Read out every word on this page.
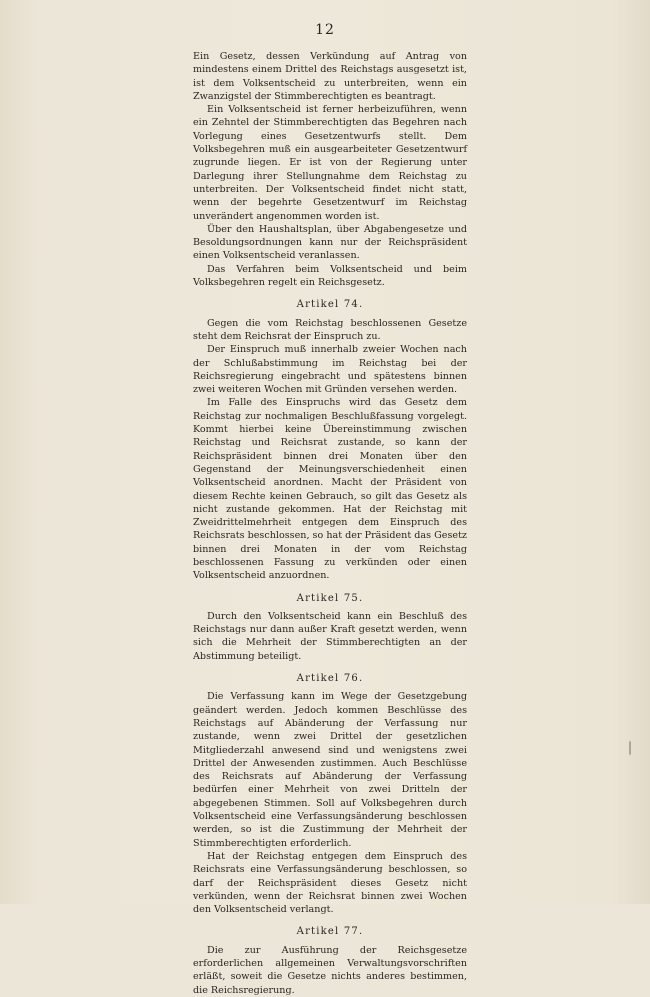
12

Ein Gesetz, dessen Verkündung auf Antrag von mindestens einem Drittel des Reichstags ausgesetzt ist, ist dem Volksentscheid zu unterbreiten, wenn ein Zwanzigstel der Stimmberechtigten es beantragt.

Ein Volksentscheid ist ferner herbeizuführen, wenn ein Zehntel der Stimmberechtigten das Begehren nach Vorlegung eines Gesetzentwurfs stellt. Dem Volksbegehren muß ein ausgearbeiteter Gesetzentwurf zugrunde liegen. Er ist von der Regierung unter Darlegung ihrer Stellungnahme dem Reichstag zu unterbreiten. Der Volksentscheid findet nicht statt, wenn der begehrte Gesetzentwurf im Reichstag unverändert angenommen worden ist.

Über den Haushaltsplan, über Abgabengesetze und Besoldungsordnungen kann nur der Reichspräsident einen Volksentscheid veranlassen.

Das Verfahren beim Volksentscheid und beim Volksbegehren regelt ein Reichsgesetz.

Artikel 74.

Gegen die vom Reichstag beschlossenen Gesetze steht dem Reichsrat der Einspruch zu.

Der Einspruch muß innerhalb zweier Wochen nach der Schlußabstimmung im Reichstag bei der Reichsregierung eingebracht und spätestens binnen zwei weiteren Wochen mit Gründen versehen werden.

Im Falle des Einspruchs wird das Gesetz dem Reichstag zur nochmaligen Beschlußfassung vorgelegt. Kommt hierbei keine Übereinstimmung zwischen Reichstag und Reichsrat zustande, so kann der Reichspräsident binnen drei Monaten über den Gegenstand der Meinungsverschiedenheit einen Volksentscheid anordnen. Macht der Präsident von diesem Rechte keinen Gebrauch, so gilt das Gesetz als nicht zustande gekommen. Hat der Reichstag mit Zweidrittelmehrheit entgegen dem Einspruch des Reichsrats beschlossen, so hat der Präsident das Gesetz binnen drei Monaten in der vom Reichstag beschlossenen Fassung zu verkünden oder einen Volksentscheid anzuordnen.

Artikel 75.

Durch den Volksentscheid kann ein Beschluß des Reichstags nur dann außer Kraft gesetzt werden, wenn sich die Mehrheit der Stimmberechtigten an der Abstimmung beteiligt.

Artikel 76.

Die Verfassung kann im Wege der Gesetzgebung geändert werden. Jedoch kommen Beschlüsse des Reichstags auf Abänderung der Verfassung nur zustande, wenn zwei Drittel der gesetzlichen Mitgliederzahl anwesend sind und wenigstens zwei Drittel der Anwesenden zustimmen. Auch Beschlüsse des Reichsrats auf Abänderung der Verfassung bedürfen einer Mehrheit von zwei Dritteln der abgegebenen Stimmen. Soll auf Volksbegehren durch Volksentscheid eine Verfassungsänderung beschlossen werden, so ist die Zustimmung der Mehrheit der Stimmberechtigten erforderlich.

Hat der Reichstag entgegen dem Einspruch des Reichsrats eine Verfassungsänderung beschlossen, so darf der Reichspräsident dieses Gesetz nicht verkünden, wenn der Reichsrat binnen zwei Wochen den Volksentscheid verlangt.

Artikel 77.

Die zur Ausführung der Reichsgesetze erforderlichen allgemeinen Verwaltungsvorschriften erläßt, soweit die Gesetze nichts anderes bestimmen, die Reichsregierung.
